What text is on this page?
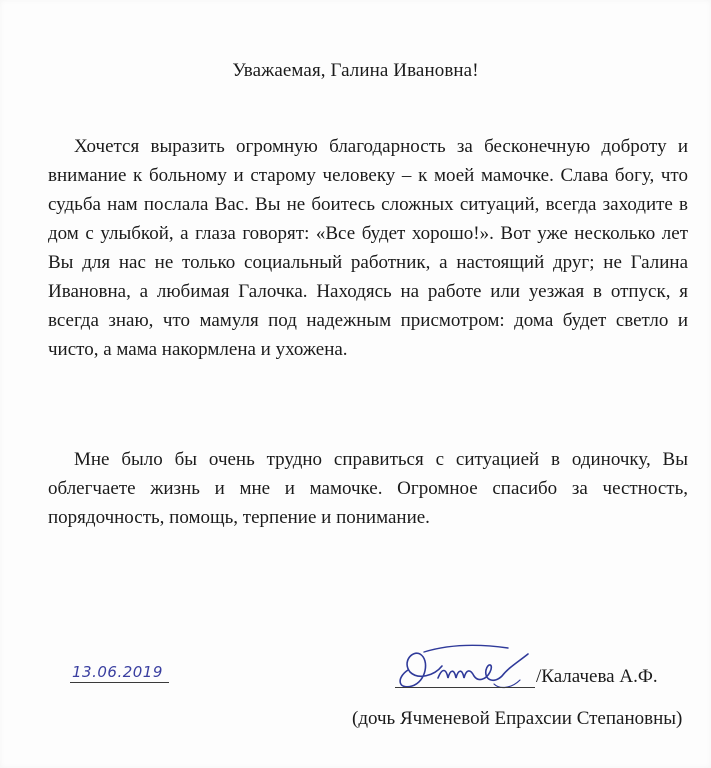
Уважаемая, Галина Ивановна!

Хочется выразить огромную благодарность за бесконечную доброту и внимание к больному и старому человеку – к моей мамочке. Слава богу, что судьба нам послала Вас. Вы не боитесь сложных ситуаций, всегда заходите в дом с улыбкой, а глаза говорят: «Все будет хорошо!». Вот уже несколько лет Вы для нас не только социальный работник, а настоящий друг; не Галина Ивановна, а любимая Галочка. Находясь на работе или уезжая в отпуск, я всегда знаю, что мамуля под надежным присмотром: дома будет светло и чисто, а мама накормлена и ухожена.

Мне было бы очень трудно справиться с ситуацией в одиночку, Вы облегчаете жизнь и мне и мамочке. Огромное спасибо за честность, порядочность, помощь, терпение и понимание.

13.06.2019	/Калачева А.Ф.
(дочь Ячменевой Епрахсии Степановны)
